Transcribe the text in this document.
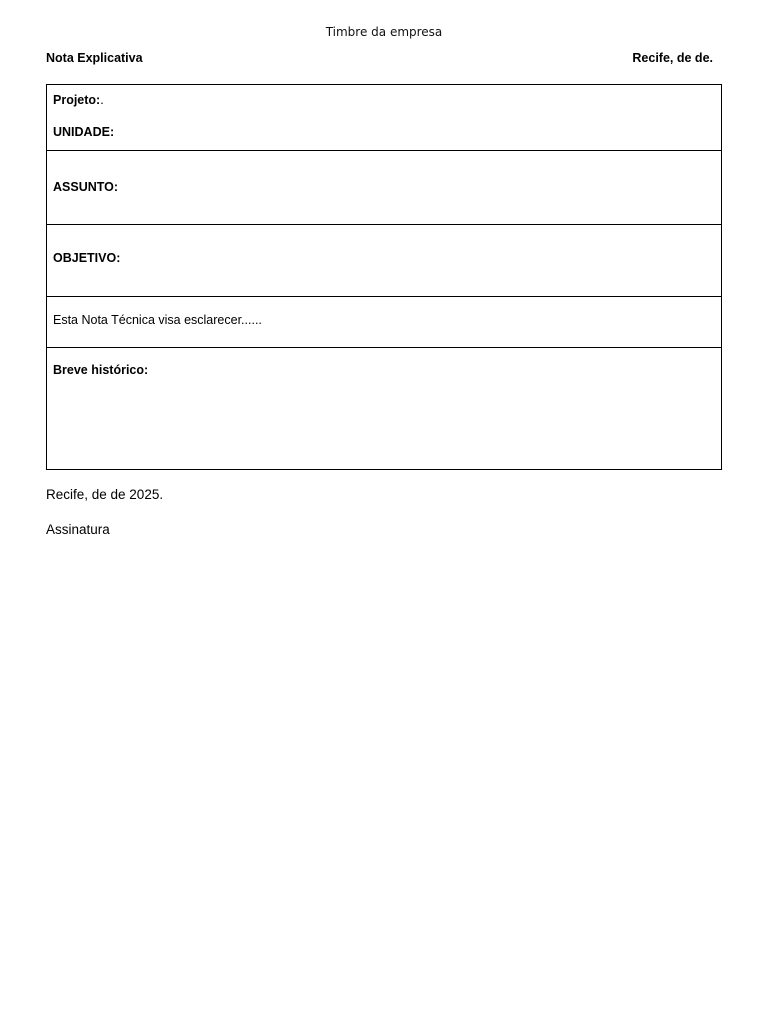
Timbre da empresa
Nota Explicativa	Recife, de de.
Projeto:.
UNIDADE:
ASSUNTO:
OBJETIVO:
Esta Nota Técnica visa esclarecer......
Breve histórico:
Recife, de de 2025.
Assinatura
